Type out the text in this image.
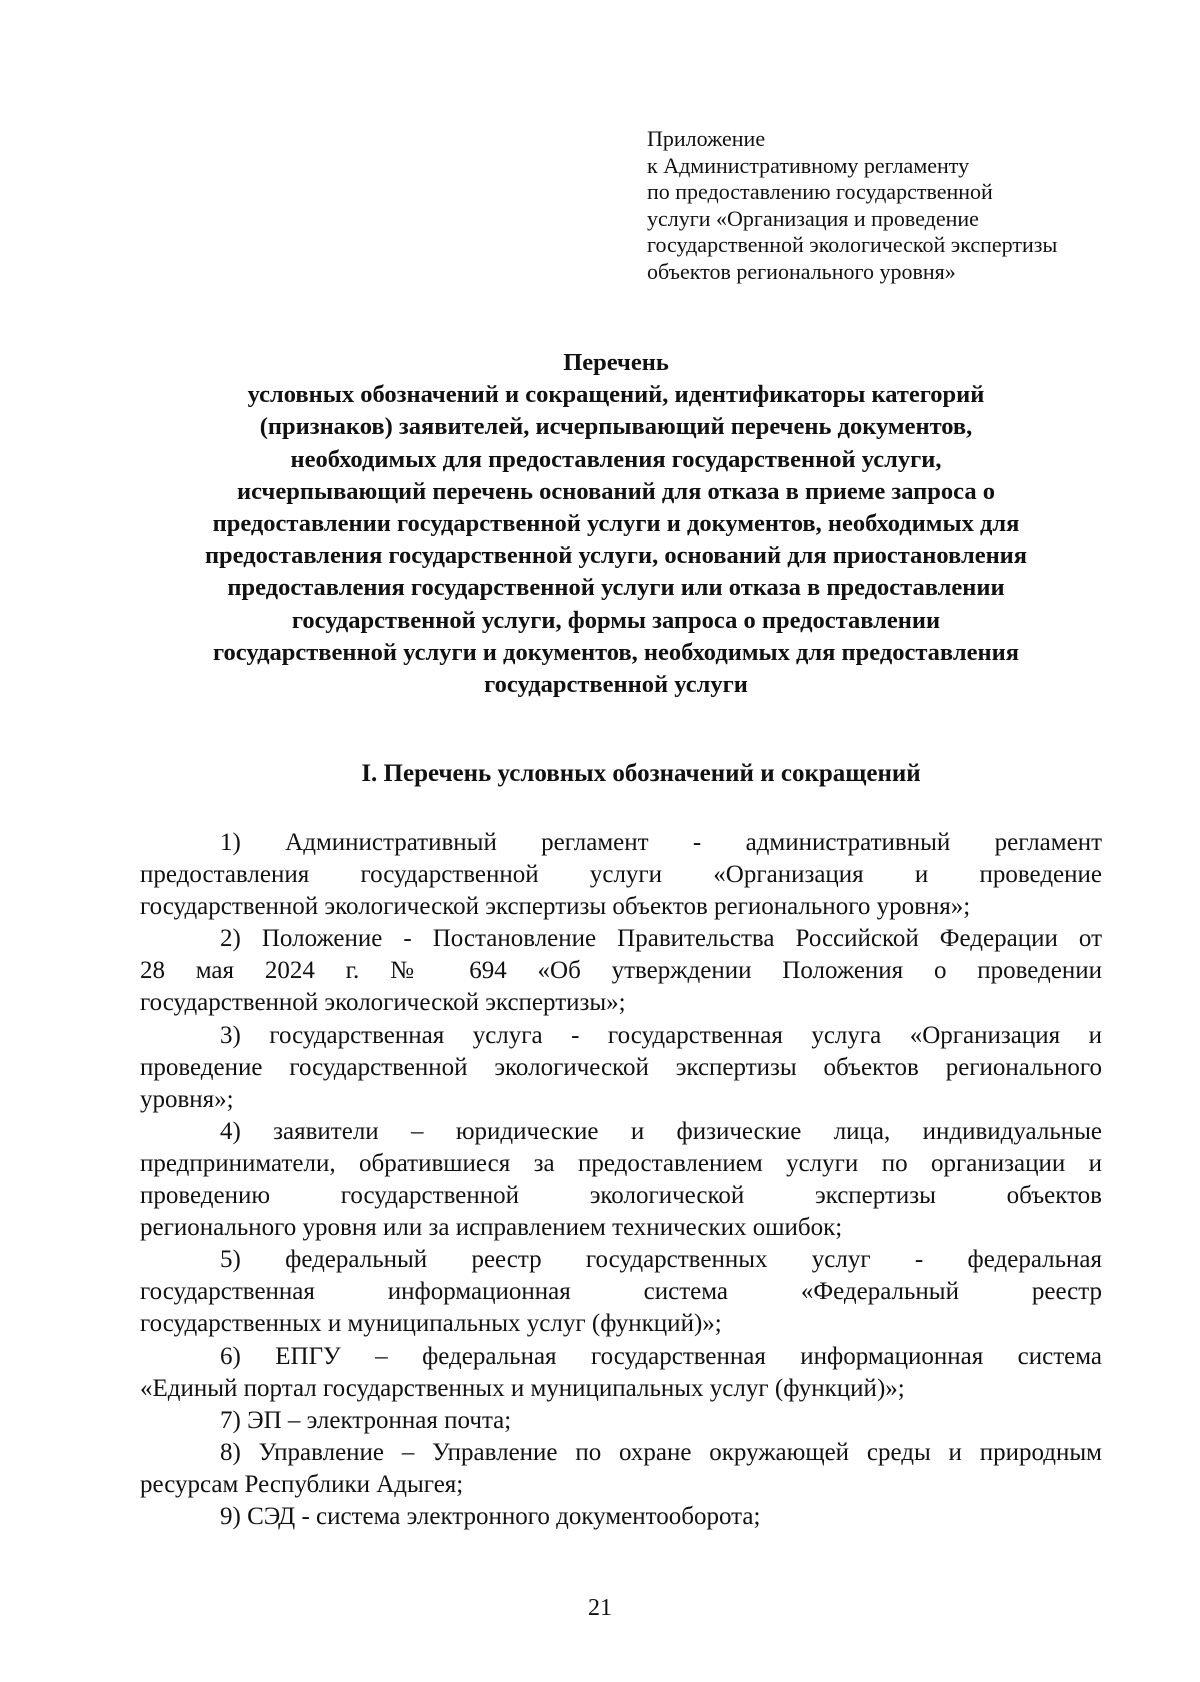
Приложение
к Административному регламенту
по предоставлению государственной
услуги «Организация и проведение
государственной экологической экспертизы
объектов регионального уровня»
Перечень
условных обозначений и сокращений, идентификаторы категорий
(признаков) заявителей, исчерпывающий перечень документов,
необходимых для предоставления государственной услуги,
исчерпывающий перечень оснований для отказа в приеме запроса о
предоставлении государственной услуги и документов, необходимых для
предоставления государственной услуги, оснований для приостановления
предоставления государственной услуги или отказа в предоставлении
государственной услуги, формы запроса о предоставлении
государственной услуги и документов, необходимых для предоставления
государственной услуги
I. Перечень условных обозначений и сокращений
1) Административный регламент - административный регламент
предоставления государственной услуги «Организация и проведение
государственной экологической экспертизы объектов регионального уровня»;
2) Положение - Постановление Правительства Российской Федерации от
28 мая 2024 г. № 694 «Об утверждении Положения о проведении
государственной экологической экспертизы»;
3) государственная услуга - государственная услуга «Организация и
проведение государственной экологической экспертизы объектов регионального
уровня»;
4) заявители – юридические и физические лица, индивидуальные
предприниматели, обратившиеся за предоставлением услуги по организации и
проведению государственной экологической экспертизы объектов
регионального уровня или за исправлением технических ошибок;
5) федеральный реестр государственных услуг - федеральная
государственная информационная система «Федеральный реестр
государственных и муниципальных услуг (функций)»;
6) ЕПГУ – федеральная государственная информационная система
«Единый портал государственных и муниципальных услуг (функций)»;
7) ЭП – электронная почта;
8) Управление – Управление по охране окружающей среды и природным
ресурсам Республики Адыгея;
9) СЭД - система электронного документооборота;
21
